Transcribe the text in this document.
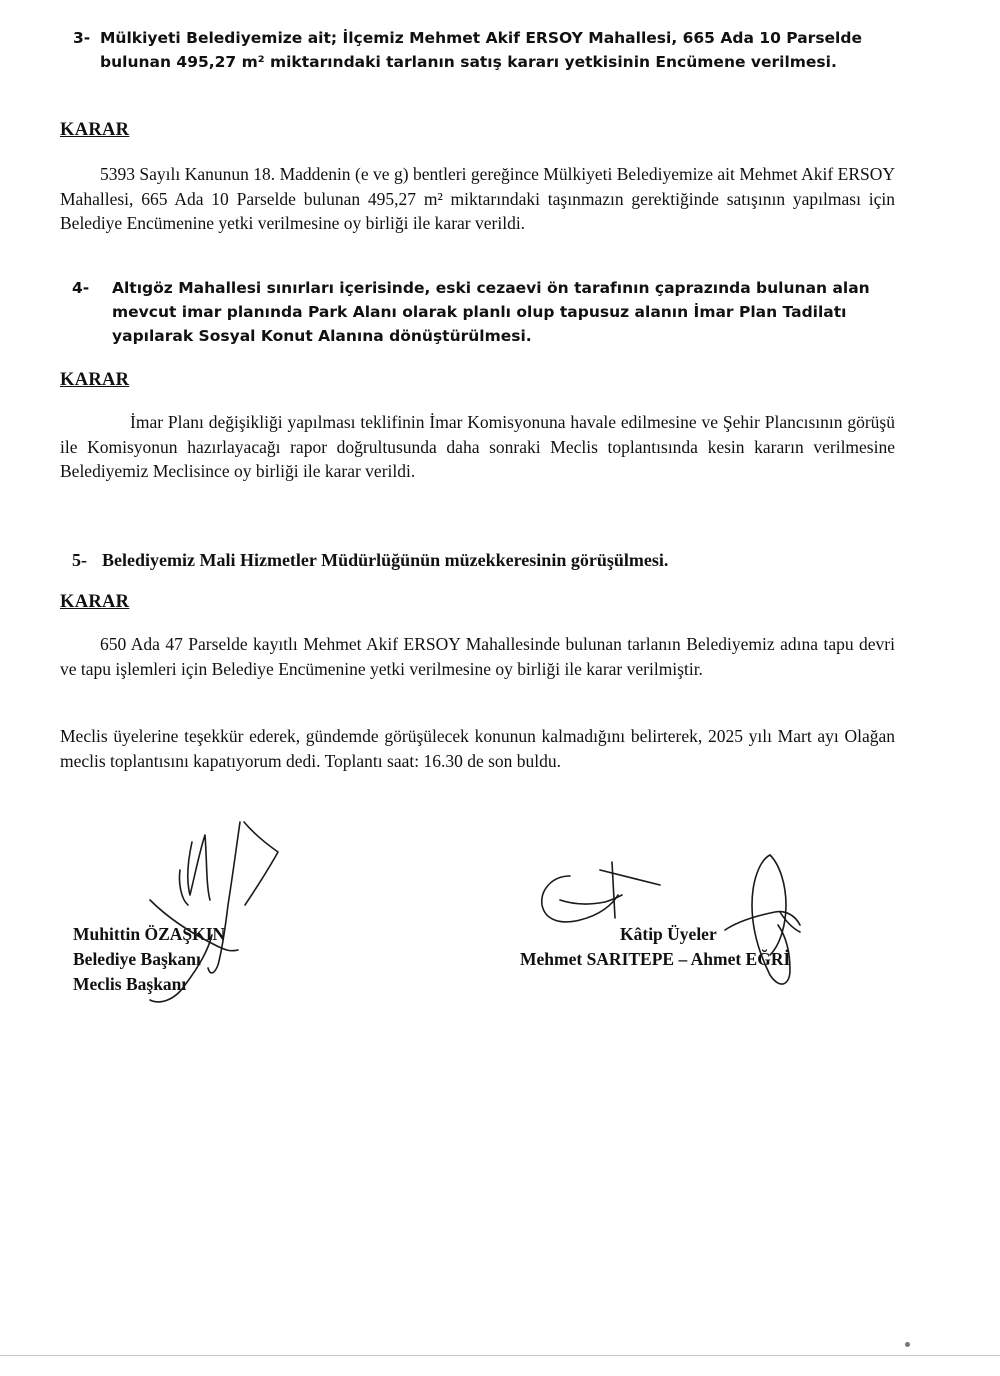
3- Mülkiyeti Belediyemize ait; İlçemiz Mehmet Akif ERSOY Mahallesi, 665 Ada 10 Parselde bulunan 495,27 m² miktarındaki tarlanın satış kararı yetkisinin Encümene verilmesi.
KARAR
5393 Sayılı Kanunun 18. Maddenin (e ve g) bentleri gereğince Mülkiyeti Belediyemize ait Mehmet Akif ERSOY Mahallesi, 665 Ada 10 Parselde bulunan 495,27 m² miktarındaki taşınmazın gerektiğinde satışının yapılması için Belediye Encümenine yetki verilmesine oy birliği ile karar verildi.
4-	Altıgöz Mahallesi sınırları içerisinde, eski cezaevi ön tarafının çaprazında bulunan alan mevcut imar planında Park Alanı olarak planlı olup tapusuz alanın İmar Plan Tadilatı yapılarak Sosyal Konut Alanına dönüştürülmesi.
KARAR
İmar Planı değişikliği yapılması teklifinin İmar Komisyonuna havale edilmesine ve Şehir Plancısının görüşü ile Komisyonun hazırlayacağı rapor doğrultusunda daha sonraki Meclis toplantısında kesin kararın verilmesine Belediyemiz Meclisince oy birliği ile karar verildi.
5- Belediyemiz Mali Hizmetler Müdürlüğünün müzekkeresinin görüşülmesi.
KARAR
650 Ada 47 Parselde kayıtlı Mehmet Akif ERSOY Mahallesinde bulunan tarlanın Belediyemiz adına tapu devri ve tapu işlemleri için Belediye Encümenine yetki verilmesine oy birliği ile karar verilmiştir.
Meclis üyelerine teşekkür ederek, gündemde görüşülecek konunun kalmadığını belirterek, 2025 yılı Mart ayı Olağan meclis toplantısını kapatıyorum dedi. Toplantı saat: 16.30 de son buldu.
Muhittin ÖZAŞKIN
Belediye Başkanı
Meclis Başkanı
Kâtip Üyeler
Mehmet SARITEPE – Ahmet EĞRİ
